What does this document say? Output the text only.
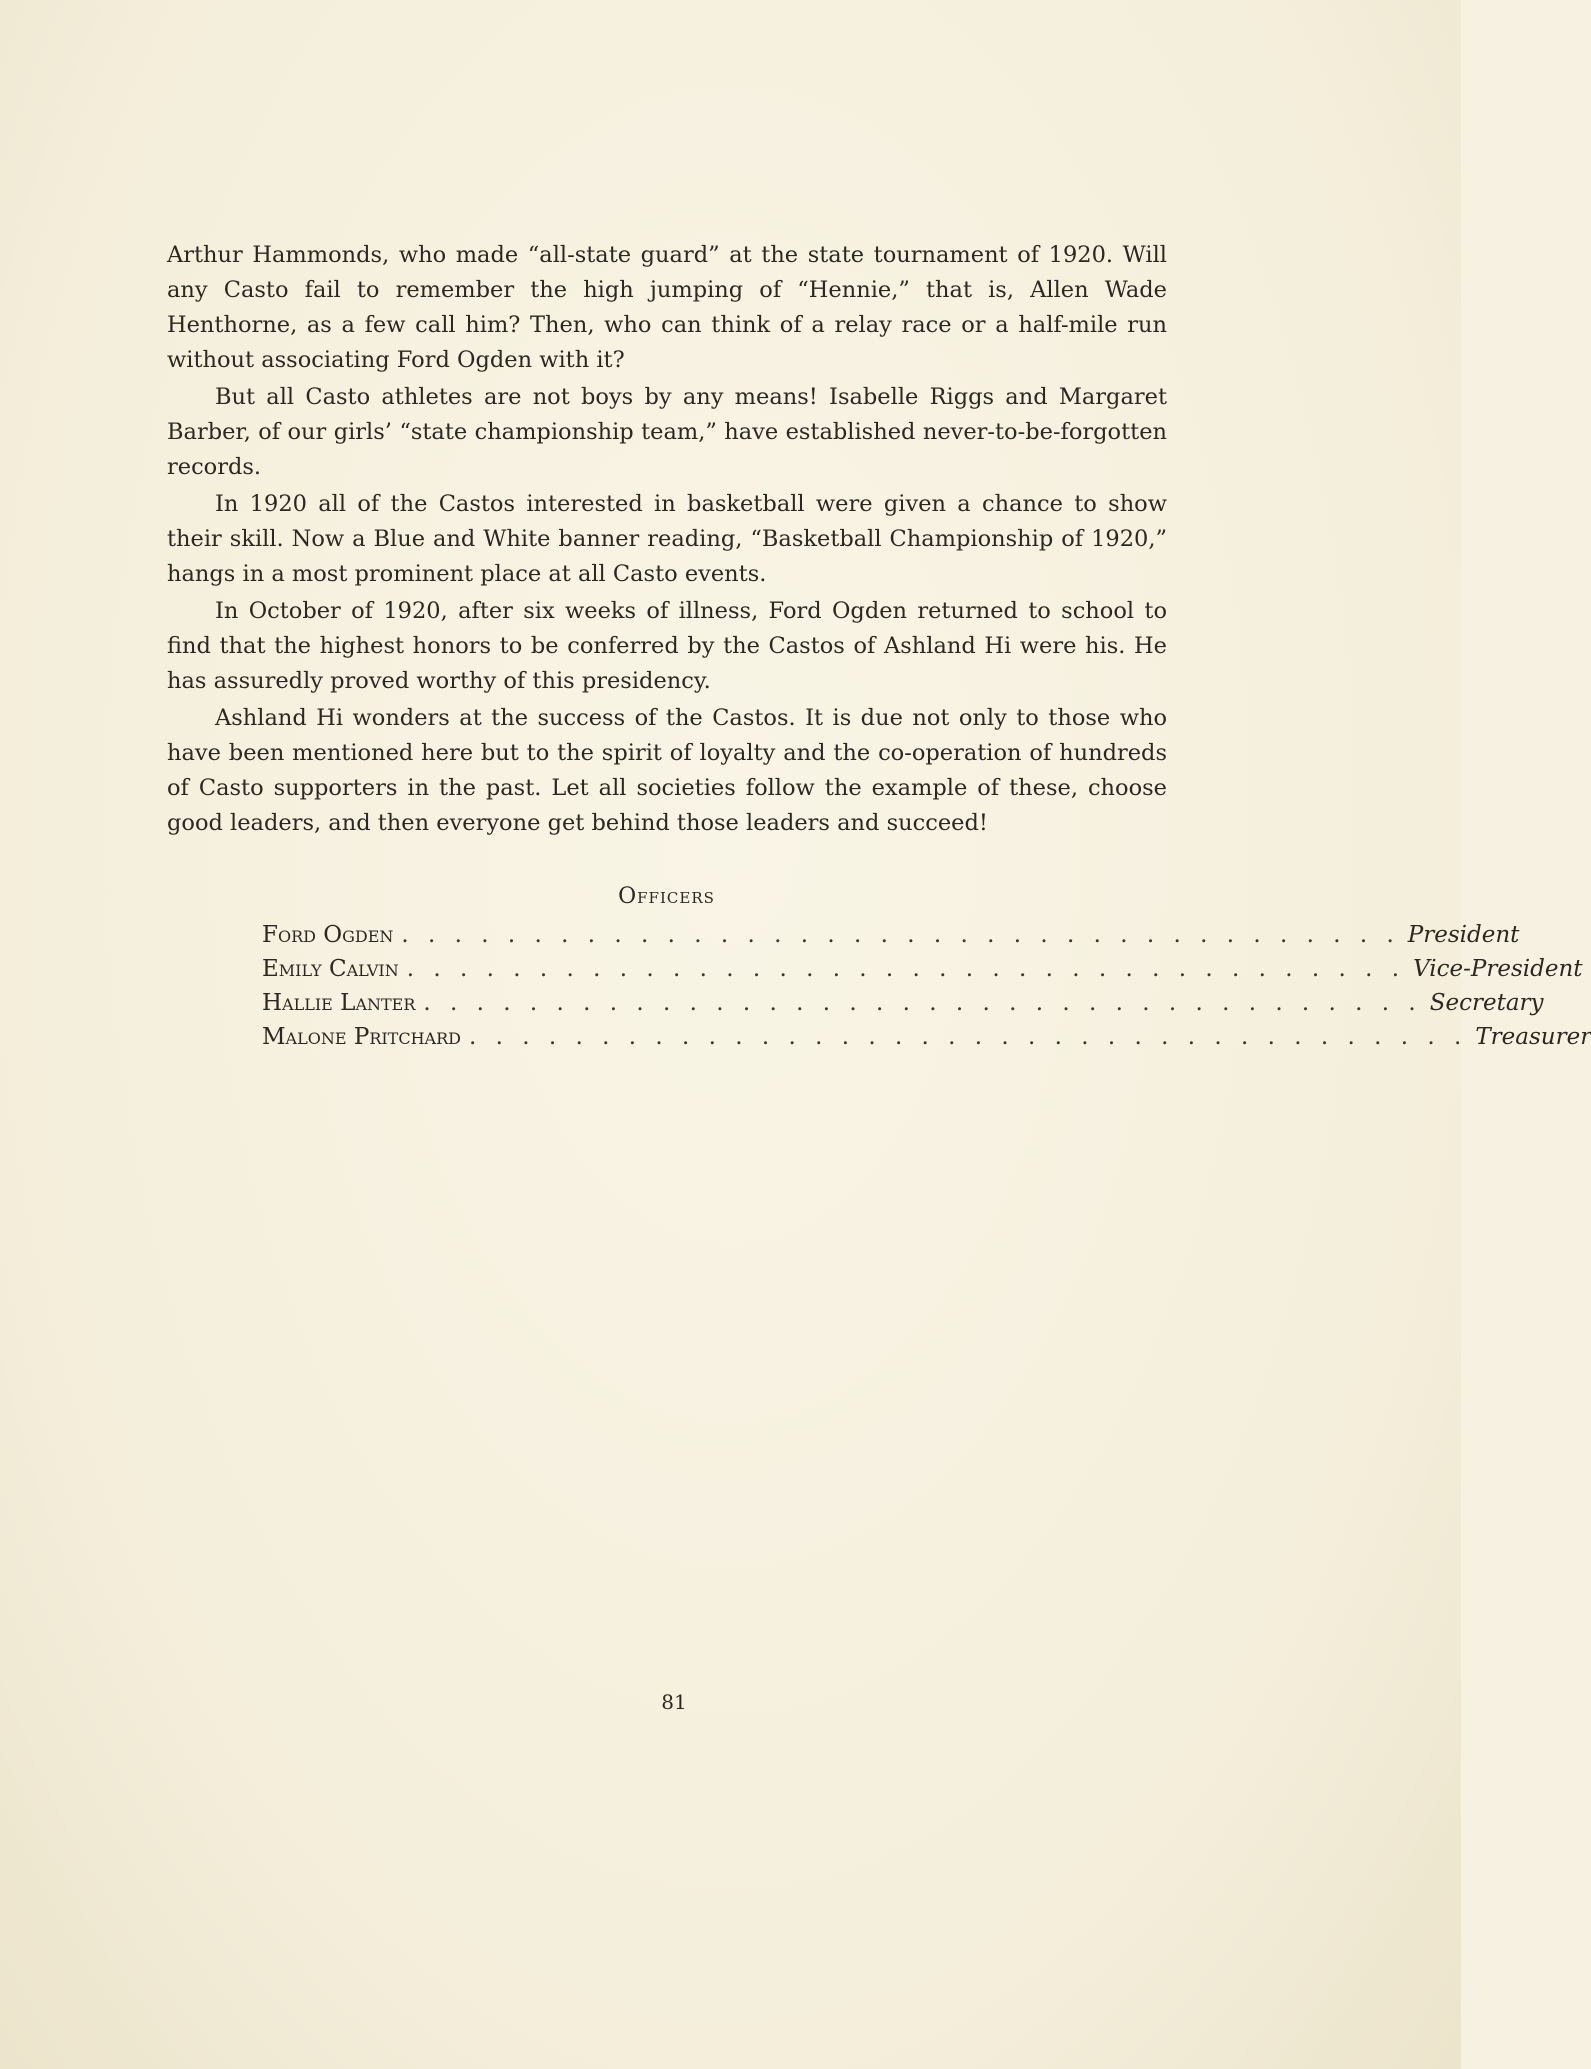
Arthur Hammonds, who made “all-state guard” at the state tournament of 1920. Will any Casto fail to remember the high jumping of “Hennie,” that is, Allen Wade Henthorne, as a few call him? Then, who can think of a relay race or a half-mile run without associating Ford Ogden with it?

But all Casto athletes are not boys by any means! Isabelle Riggs and Margaret Barber, of our girls’ “state championship team,” have established never-to-be-forgotten records.

In 1920 all of the Castos interested in basketball were given a chance to show their skill. Now a Blue and White banner reading, “Basketball Championship of 1920,” hangs in a most prominent place at all Casto events.

In October of 1920, after six weeks of illness, Ford Ogden returned to school to find that the highest honors to be conferred by the Castos of Ashland Hi were his. He has assuredly proved worthy of this presidency.

Ashland Hi wonders at the success of the Castos. It is due not only to those who have been mentioned here but to the spirit of loyalty and the co-operation of hundreds of Casto supporters in the past. Let all societies follow the example of these, choose good leaders, and then everyone get behind those leaders and succeed!

Officers
Ford Ogden . . . . . . . . . . . . . . . . . . . . . . . . . . . . . . . . . . . . . . President
Emily Calvin . . . . . . . . . . . . . . . . . . . . . . . . . . . . . . . . . . . . . . Vice-President
Hallie Lanter . . . . . . . . . . . . . . . . . . . . . . . . . . . . . . . . . . . . . . Secretary
Malone Pritchard . . . . . . . . . . . . . . . . . . . . . . . . . . . . . . . . . . . . . . Treasurer
81
